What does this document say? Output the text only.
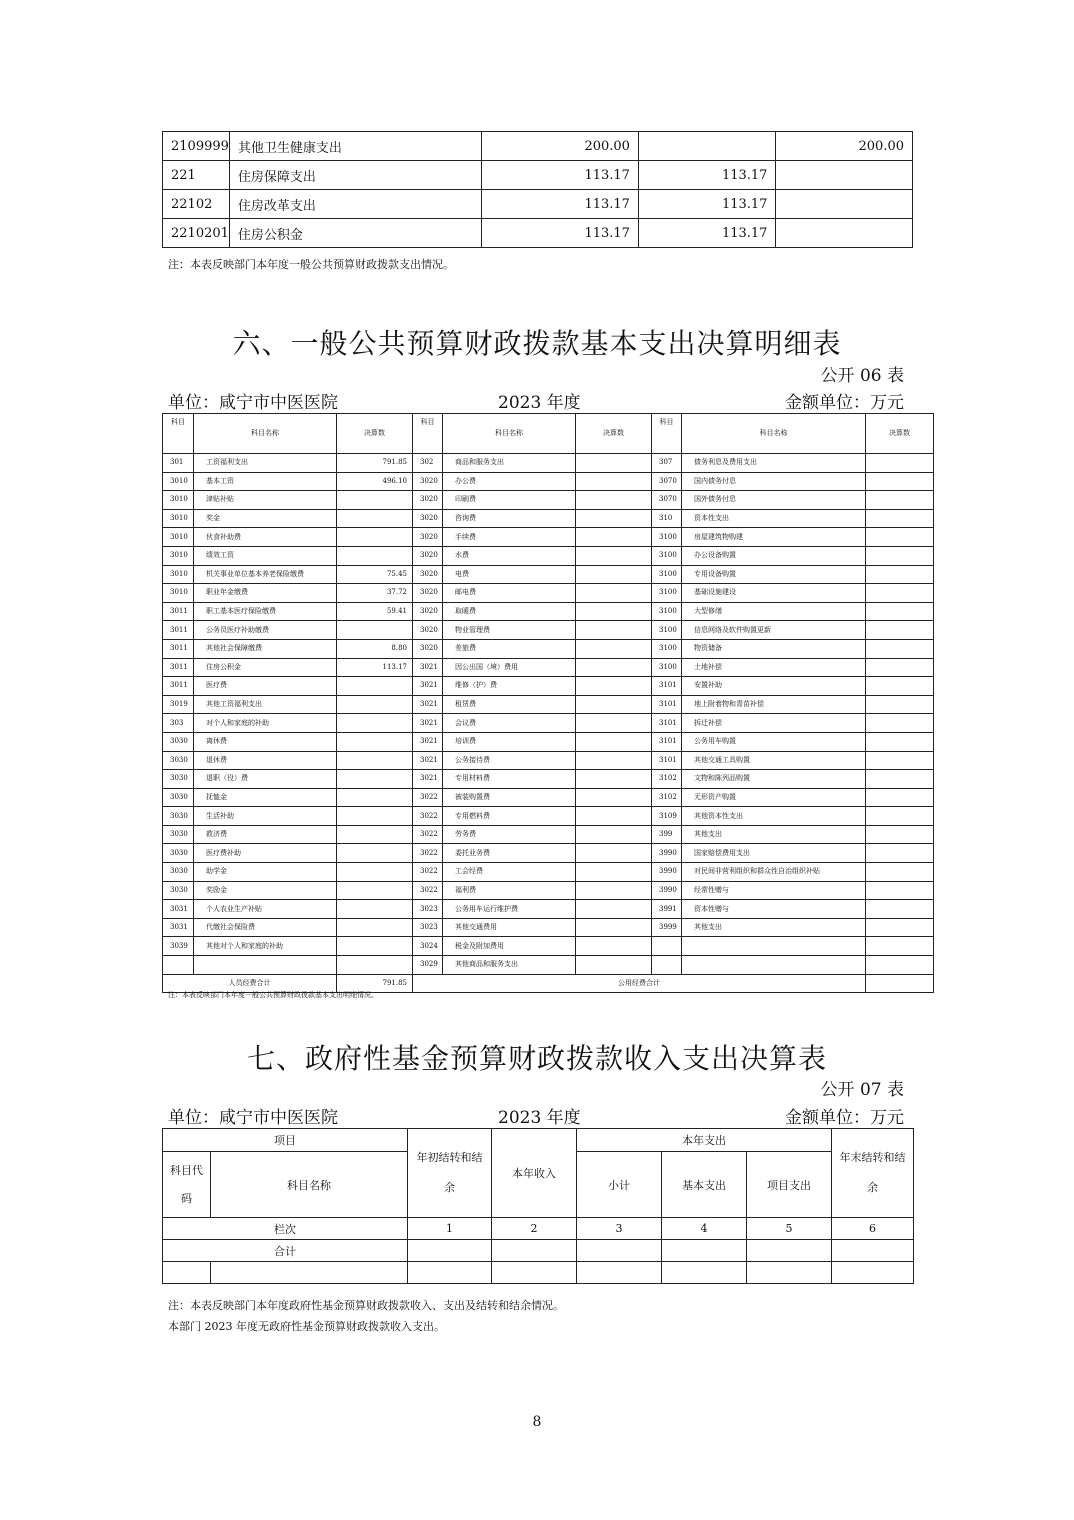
2109999	其他卫生健康支出	200.00		200.00
221	住房保障支出	113.17	113.17	
22102	住房改革支出	113.17	113.17	
2210201	住房公积金	113.17	113.17	
注：本表反映部门本年度一般公共预算财政拨款支出情况。
六、一般公共预算财政拨款基本支出决算明细表
公开 06 表
单位：咸宁市中医医院	2023 年度	金额单位：万元
科目	科目名称	决算数	科目	科目名称	决算数	科目	科目名称	决算数
301	工资福利支出	791.85	302	商品和服务支出		307	债务利息及费用支出	
3010	基本工资	496.10	3020	办公费		3070	国内债务付息	
3010	津贴补贴		3020	印刷费		3070	国外债务付息	
3010	奖金		3020	咨询费		310	资本性支出	
3010	伙食补助费		3020	手续费		3100	房屋建筑物购建	
3010	绩效工资		3020	水费		3100	办公设备购置	
3010	机关事业单位基本养老保险缴费	75.45	3020	电费		3100	专用设备购置	
3010	职业年金缴费	37.72	3020	邮电费		3100	基础设施建设	
3011	职工基本医疗保险缴费	59.41	3020	取暖费		3100	大型修缮	
3011	公务员医疗补助缴费		3020	物业管理费		3100	信息网络及软件购置更新	
3011	其他社会保障缴费	8.80	3020	差旅费		3100	物资储备	
3011	住房公积金	113.17	3021	因公出国（境）费用		3100	土地补偿	
3011	医疗费		3021	维修（护）费		3101	安置补助	
3019	其他工资福利支出		3021	租赁费		3101	地上附着物和青苗补偿	
303	对个人和家庭的补助		3021	会议费		3101	拆迁补偿	
3030	离休费		3021	培训费		3101	公务用车购置	
3030	退休费		3021	公务接待费		3101	其他交通工具购置	
3030	退职（役）费		3021	专用材料费		3102	文物和陈列品购置	
3030	抚恤金		3022	被装购置费		3102	无形资产购置	
3030	生活补助		3022	专用燃料费		3109	其他资本性支出	
3030	救济费		3022	劳务费		399	其他支出	
3030	医疗费补助		3022	委托业务费		3990	国家赔偿费用支出	
3030	助学金		3022	工会经费		3990	对民间非营利组织和群众性自治组织补贴	
3030	奖励金		3022	福利费		3990	经常性赠与	
3031	个人农业生产补贴		3023	公务用车运行维护费		3991	资本性赠与	
3031	代缴社会保险费		3023	其他交通费用		3999	其他支出	
3039	其他对个人和家庭的补助		3024	税金及附加费用				
			3029	其他商品和服务支出				
人员经费合计		791.85	公用经费合计					
注：本表反映部门本年度一般公共预算财政拨款基本支出明细情况。
七、政府性基金预算财政拨款收入支出决算表
公开 07 表
单位：咸宁市中医医院	2023 年度	金额单位：万元
项目		年初结转和结余	本年收入	本年支出			年末结转和结余

科目代码	科目名称			小计	基本支出	项目支出	
栏次		1	2	3	4	5	6
合计							

注：本表反映部门本年度政府性基金预算财政拨款收入、支出及结转和结余情况。
本部门 2023 年度无政府性基金预算财政拨款收入支出。
8
